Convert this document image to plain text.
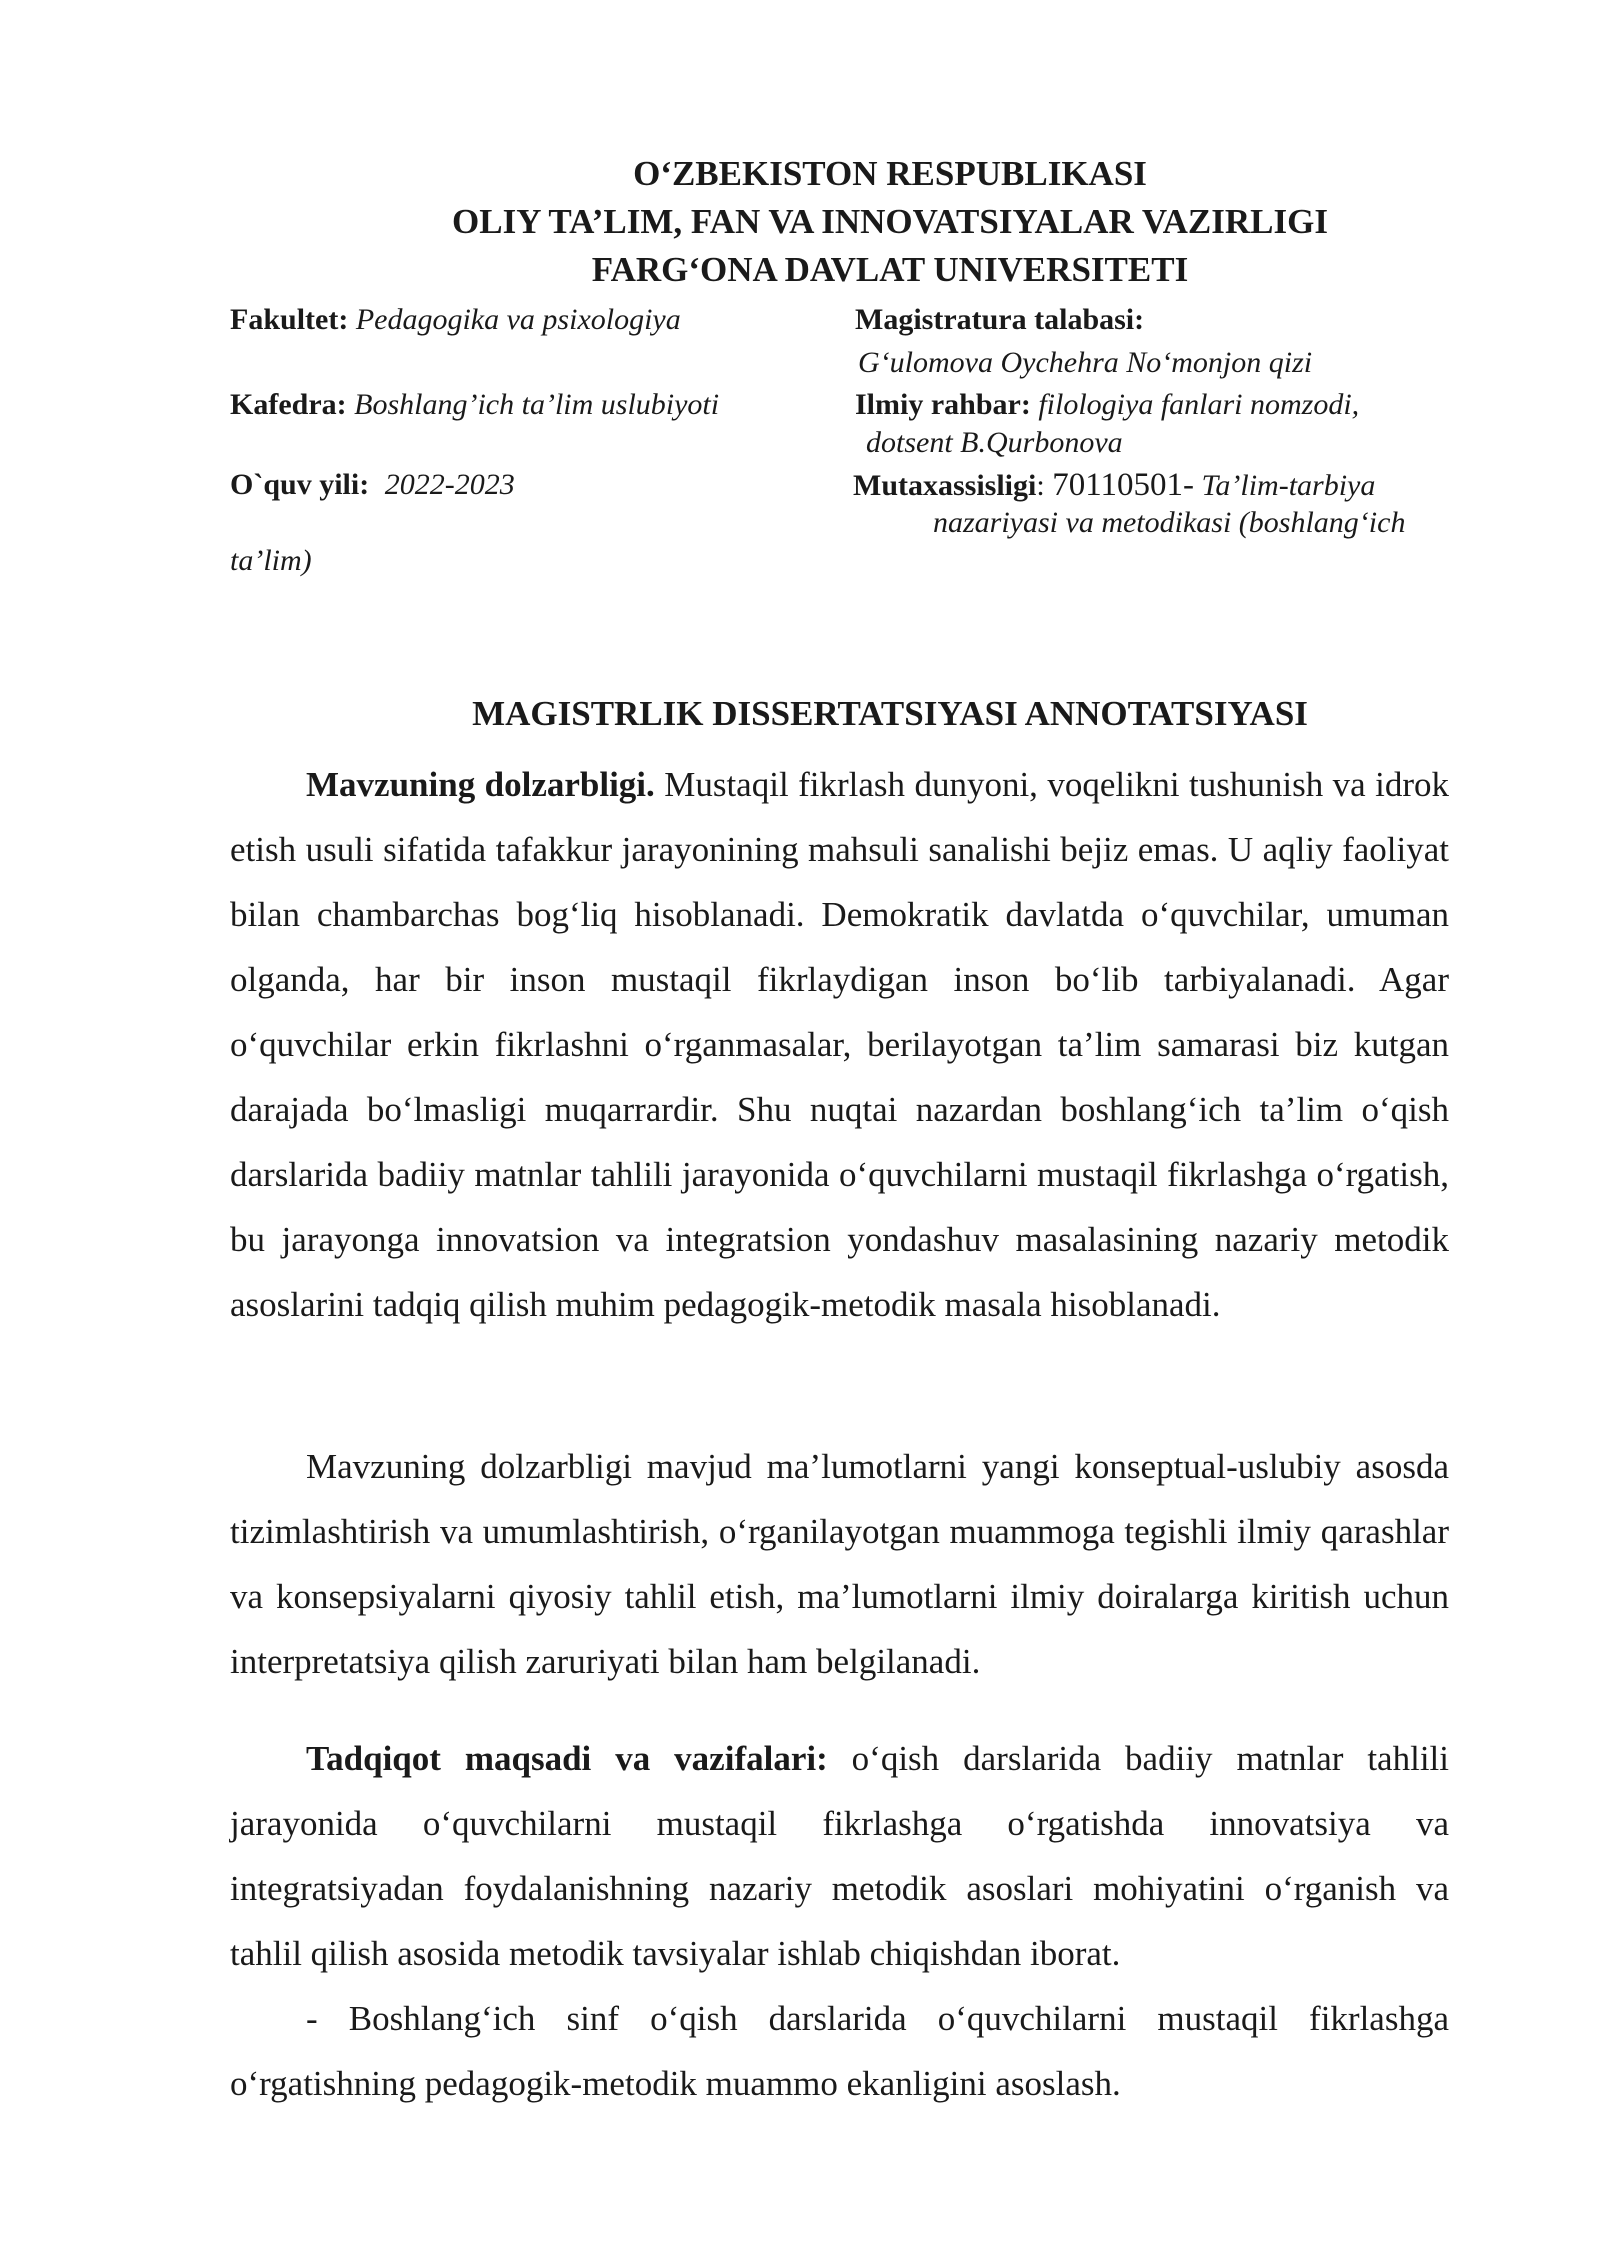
O‘ZBEKISTON RESPUBLIKASI
OLIY TA’LIM, FAN VA INNOVATSIYALAR VAZIRLIGI
FARG‘ONA DAVLAT UNIVERSITETI
Fakultet: Pedagogika va psixologiya
Kafedra: Boshlang’ich ta’lim uslubiyoti
O`quv yili: 2022-2023
ta’lim)
Magistratura talabasi:
G‘ulomova Oychehra No‘monjon qizi
Ilmiy rahbar: filologiya fanlari nomzodi,
dotsent B.Qurbonova
Mutaxassisligi: 70110501- Ta’lim-tarbiya
nazariyasi va metodikasi (boshlang‘ich
MAGISTRLIK DISSERTATSIYASI ANNOTATSIYASI

Mavzuning dolzarbligi. Mustaqil fikrlash dunyoni, voqelikni tushunish va idrok etish usuli sifatida tafakkur jarayonining mahsuli sanalishi bejiz emas. U aqliy faoliyat bilan chambarchas bog‘liq hisoblanadi. Demokratik davlatda o‘quvchilar, umuman olganda, har bir inson mustaqil fikrlaydigan inson bo‘lib tarbiyalanadi. Agar o‘quvchilar erkin fikrlashni o‘rganmasalar, berilayotgan ta’lim samarasi biz kutgan darajada bo‘lmasligi muqarrardir. Shu nuqtai nazardan boshlang‘ich ta’lim o‘qish darslarida badiiy matnlar tahlili jarayonida o‘quvchilarni mustaqil fikrlashga o‘rgatish, bu jarayonga innovatsion va integratsion yondashuv masalasining nazariy metodik asoslarini tadqiq qilish muhim pedagogik-metodik masala hisoblanadi.

Mavzuning dolzarbligi mavjud ma’lumotlarni yangi konseptual-uslubiy asosda tizimlashtirish va umumlashtirish, o‘rganilayotgan muammoga tegishli ilmiy qarashlar va konsepsiyalarni qiyosiy tahlil etish, ma’lumotlarni ilmiy doiralarga kiritish uchun interpretatsiya qilish zaruriyati bilan ham belgilanadi.

Tadqiqot maqsadi va vazifalari: o‘qish darslarida badiiy matnlar tahlili jarayonida o‘quvchilarni mustaqil fikrlashga o‘rgatishda innovatsiya va integratsiyadan foydalanishning nazariy metodik asoslari mohiyatini o‘rganish va tahlil qilish asosida metodik tavsiyalar ishlab chiqishdan iborat.

- Boshlang‘ich sinf o‘qish darslarida o‘quvchilarni mustaqil fikrlashga o‘rgatishning pedagogik-metodik muammo ekanligini asoslash.
